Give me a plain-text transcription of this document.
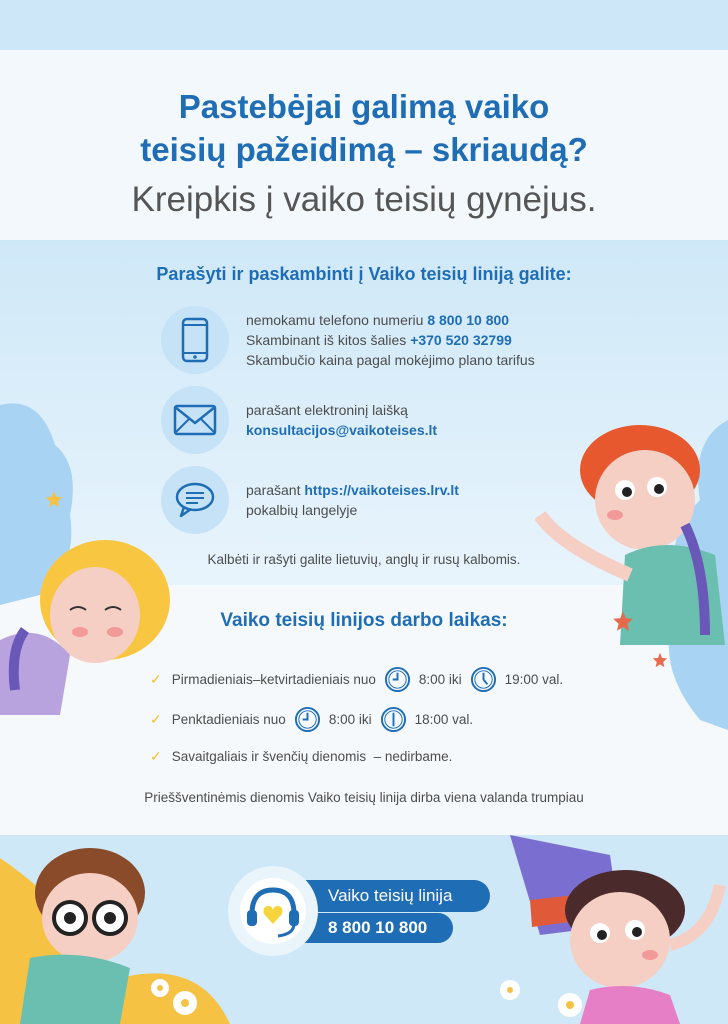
Pastebėjai galimą vaiko
teisių pažeidimą – skriaudą?
Kreipkis į vaiko teisių gynėjus.
Parašyti ir paskambinti į Vaiko teisių liniją galite:
nemokamu telefono numeriu 8 800 10 800
Skambinant iš kitos šalies +370 520 32799
Skambučio kaina pagal mokėjimo plano tarifus
parašant elektroninį laišką
konsultacijos@vaikoteises.lt
parašant https://vaikoteises.lrv.lt
pokalbių langelyje
Kalbėti ir rašyti galite lietuvių, anglų ir rusų kalbomis.
Vaiko teisių linijos darbo laikas:
✓ Pirmadieniais–ketvirtadieniais nuo	8:00 iki	19:00 val.
✓ Penktadieniais nuo	8:00 iki	18:00 val.
✓ Savaitgaliais ir švenčių dienomis  – nedirbame.
Prieššventinėmis dienomis Vaiko teisių linija dirba viena valanda trumpiau
Vaiko teisių linija
8 800 10 800
